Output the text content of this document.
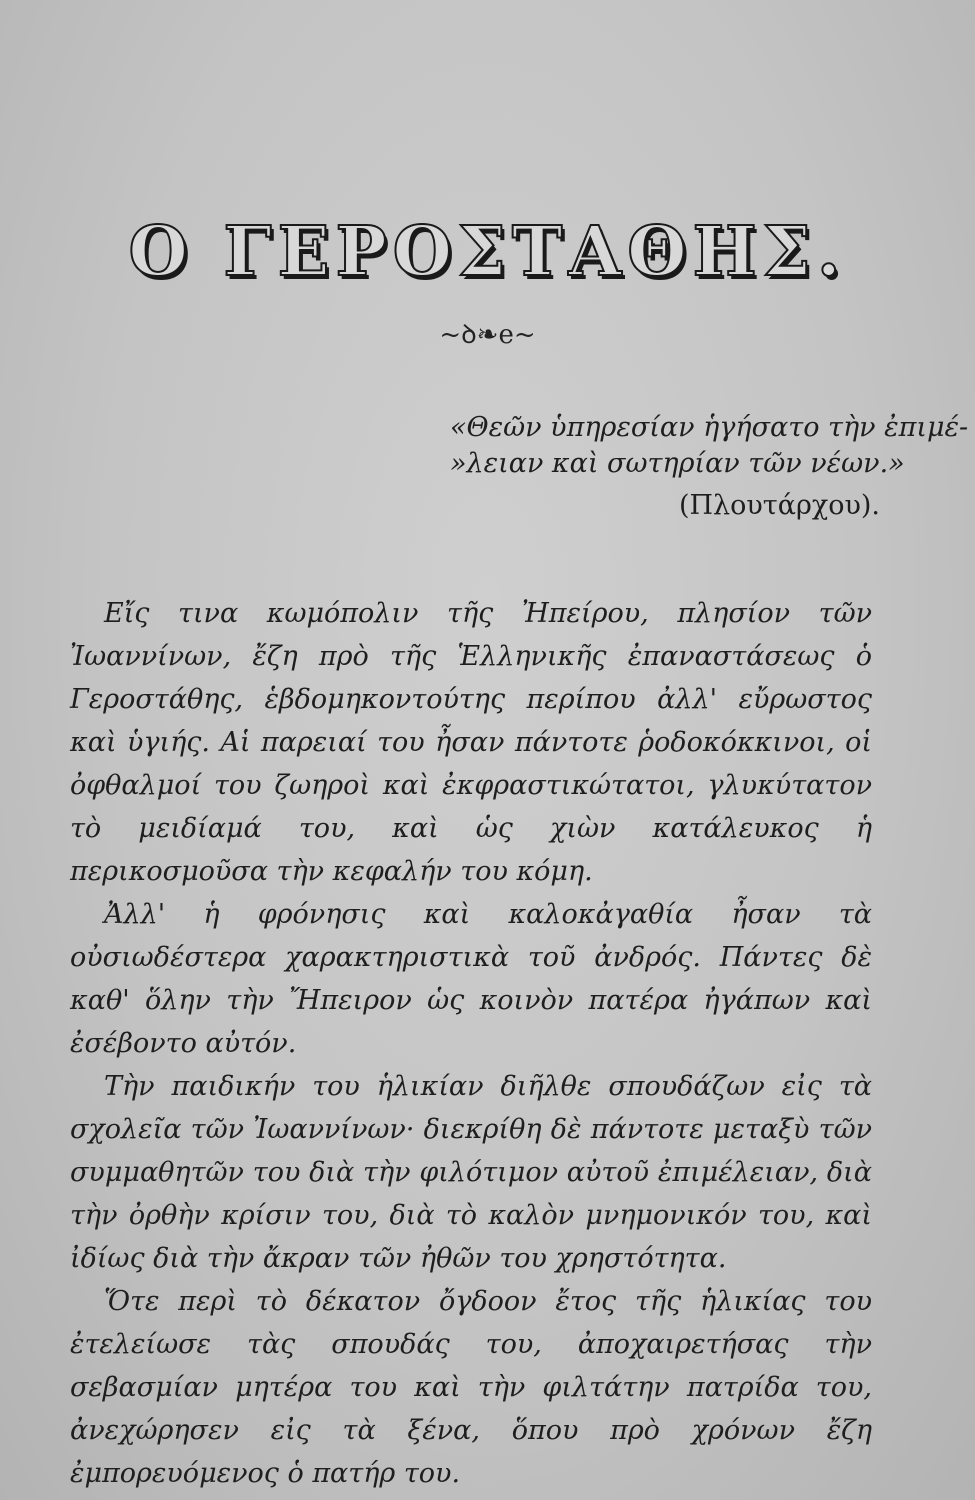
Ο ΓΕΡΟΣΤΑΘΗΣ.
~ꝺ❧e~
«Θεῶν ὑπηρεσίαν ἡγήσατο τὴν ἐπιμέ-
»λειαν καὶ σωτηρίαν τῶν νέων.»
(Πλουτάρχου).

Εἴς τινα κωμόπολιν τῆς Ἠπείρου, πλησίον τῶν Ἰωαννίνων, ἔζη πρὸ τῆς Ἑλληνικῆς ἐπαναστάσεως ὁ Γεροστάθης, ἑβδομηκοντούτης περίπου ἀλλ' εὔρωστος καὶ ὑγιής. Αἱ παρειαί του ἦσαν πάντοτε ῥοδοκόκκινοι, οἱ ὀφθαλμοί του ζωηροὶ καὶ ἐκφραστικώτατοι, γλυκύτατον τὸ μειδίαμά του, καὶ ὡς χιὼν κατάλευκος ἡ περικοσμοῦσα τὴν κεφαλήν του κόμη.

Ἀλλ' ἡ φρόνησις καὶ καλοκἀγαθία ἦσαν τὰ οὐσιωδέστερα χαρακτηριστικὰ τοῦ ἀνδρός. Πάντες δὲ καθ' ὅλην τὴν Ἤπειρον ὡς κοινὸν πατέρα ἠγάπων καὶ ἐσέβοντο αὐτόν.

Τὴν παιδικήν του ἡλικίαν διῆλθε σπουδάζων εἰς τὰ σχολεῖα τῶν Ἰωαννίνων· διεκρίθη δὲ πάντοτε μεταξὺ τῶν συμμαθητῶν του διὰ τὴν φιλότιμον αὐτοῦ ἐπιμέλειαν, διὰ τὴν ὀρθὴν κρίσιν του, διὰ τὸ καλὸν μνημονικόν του, καὶ ἰδίως διὰ τὴν ἄκραν τῶν ἠθῶν του χρηστότητα.

Ὅτε περὶ τὸ δέκατον ὄγδοον ἔτος τῆς ἡλικίας του ἐτελείωσε τὰς σπουδάς του, ἀποχαιρετήσας τὴν σεβασμίαν μητέρα του καὶ τὴν φιλτάτην πατρίδα του, ἀνεχώρησεν εἰς τὰ ξένα, ὅπου πρὸ χρόνων ἔζη ἐμπορευόμενος ὁ πατήρ του.
